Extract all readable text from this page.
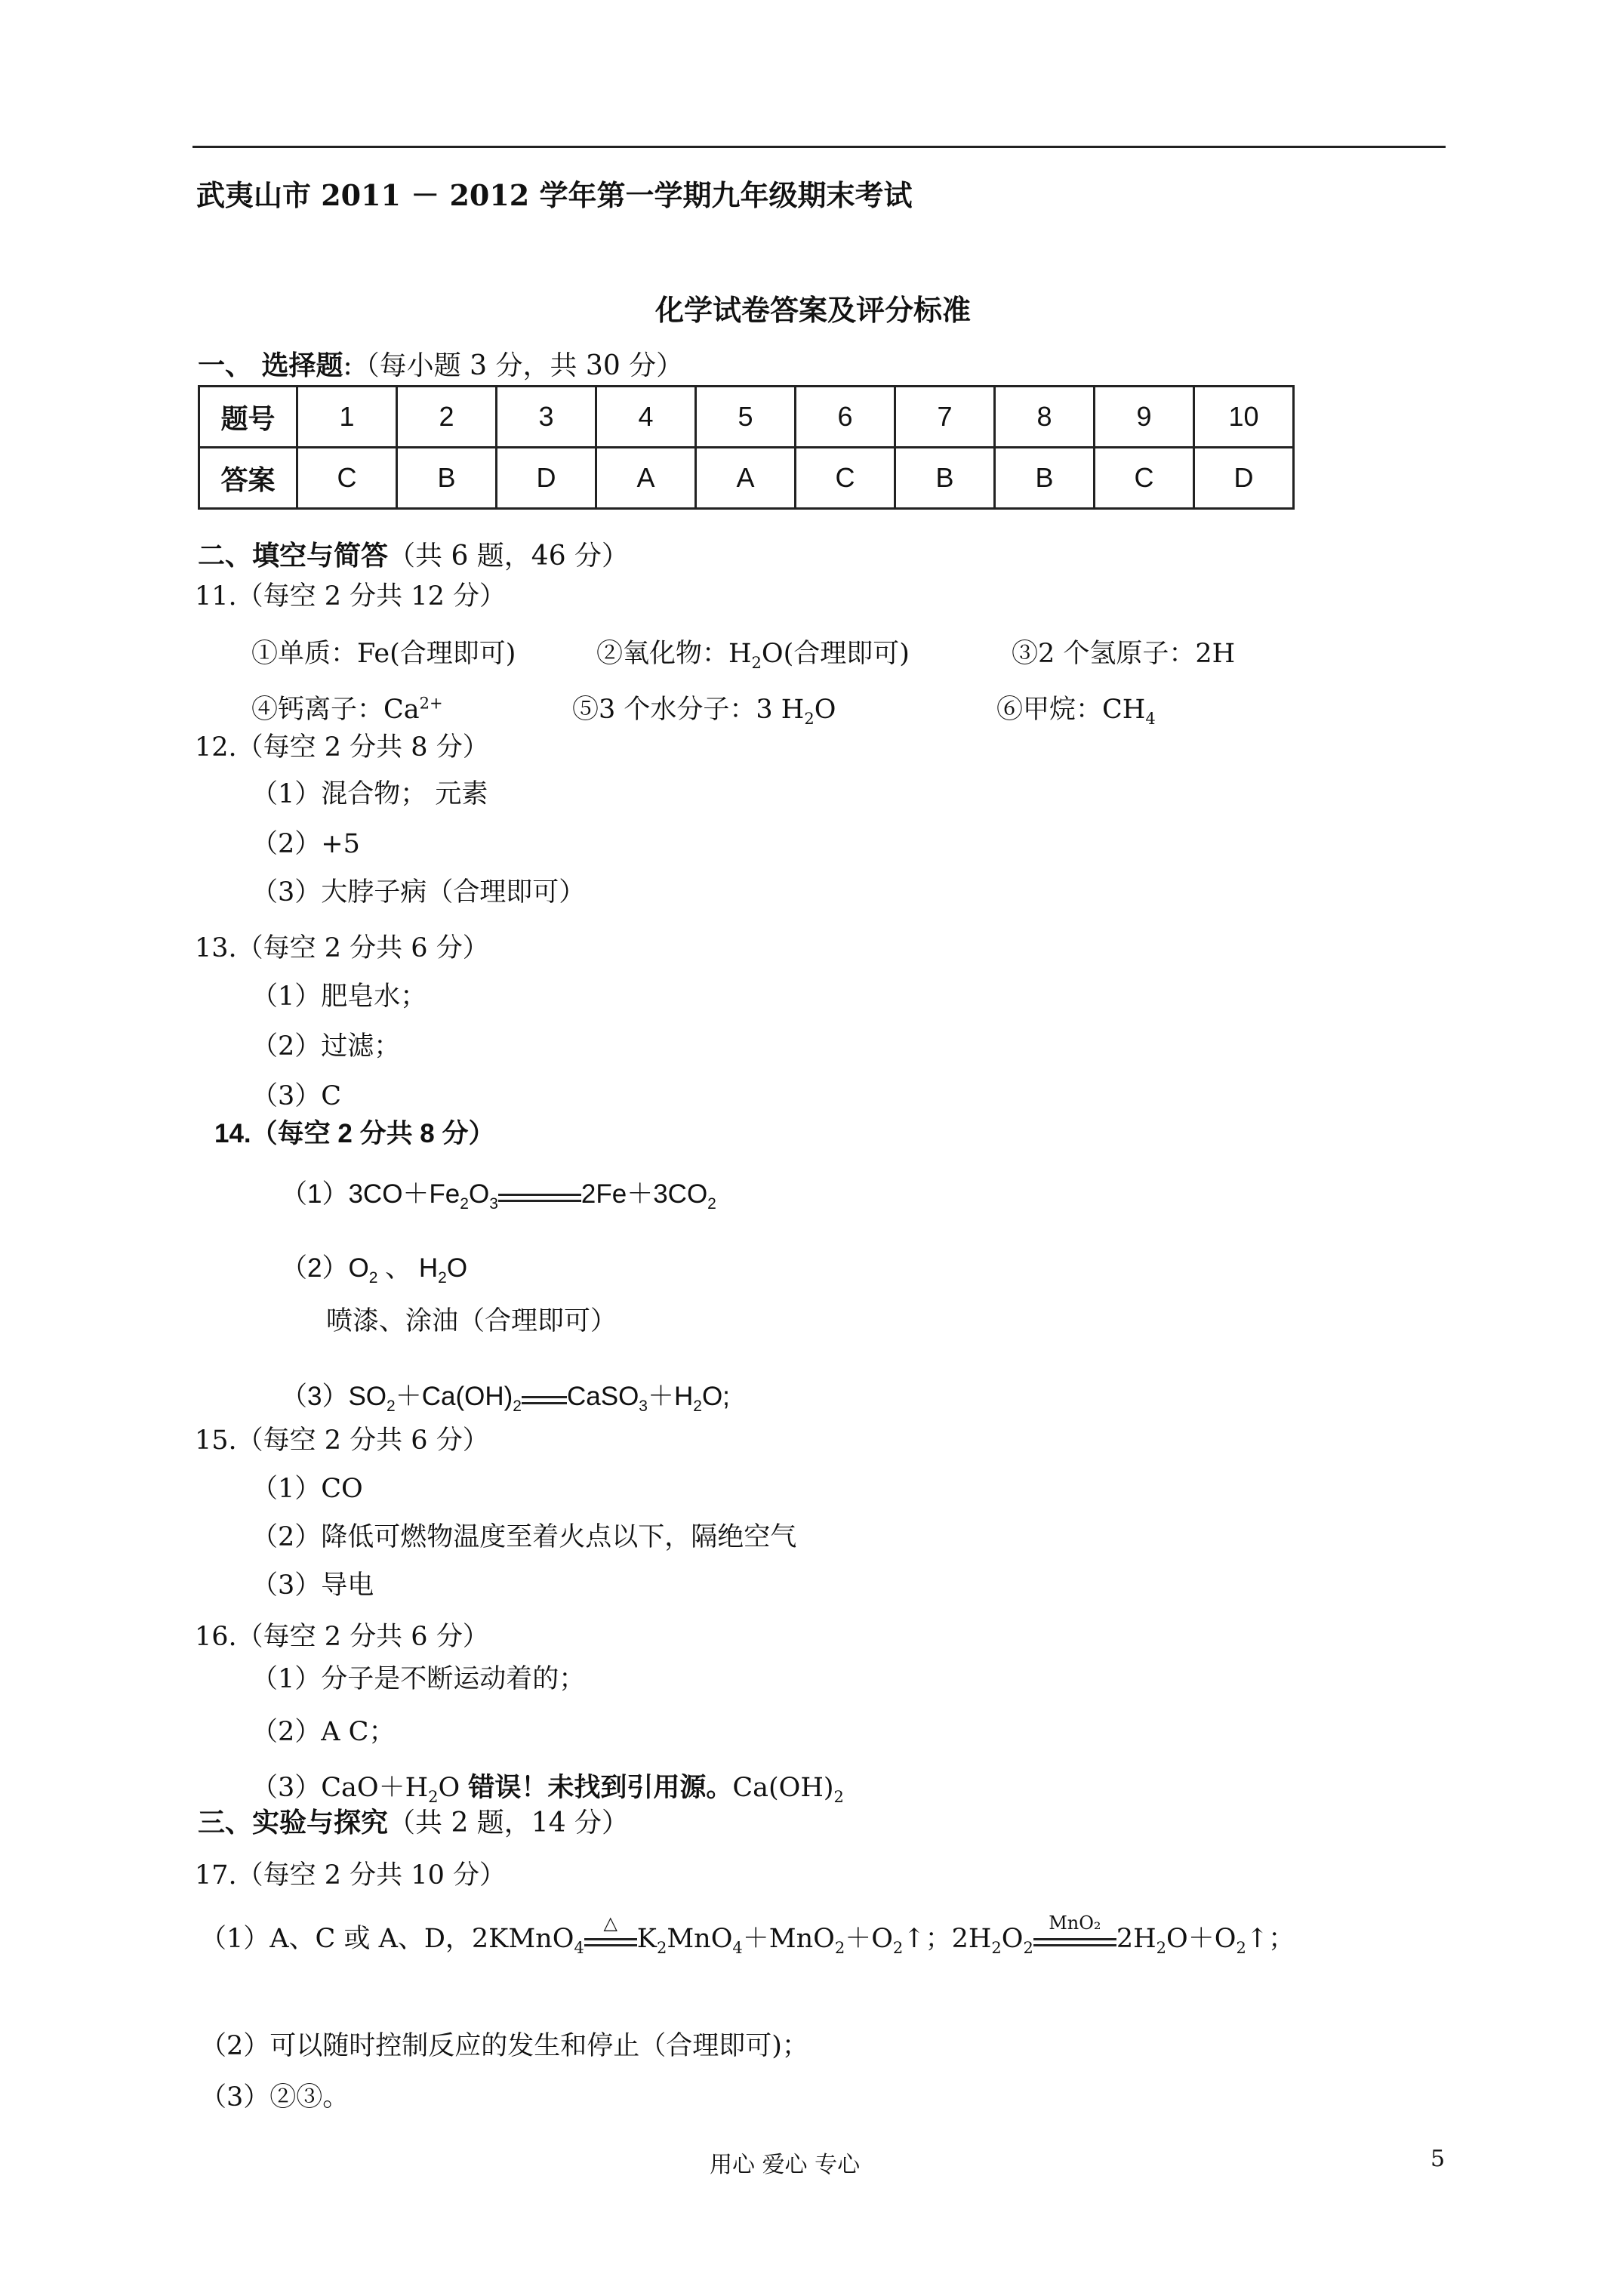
武夷山市 2011 － 2012 学年第一学期九年级期末考试
化学试卷答案及评分标准
一、 选择题:（每小题 3 分，共 30 分）
题号	1	2	3	4	5	6	7	8	9	10
答案	C	B	D	A	A	C	B	B	C	D
二、填空与简答（共 6 题，46 分）
11.（每空 2 分共 12 分）
①单质：Fe(合理即可)	②氧化物：$H_2O$(合理即可)	③2 个氢原子：2H
④钙离子：$Ca^{2+}$	⑤3 个水分子：3 $H_2O$	⑥甲烷：$CH_4$
12.（每空 2 分共 8 分）
（1）混合物； 元素
（2）+5
（3）大脖子病（合理即可）
13.（每空 2 分共 6 分）
（1）肥皂水；
（2）过滤；
（3）C
14.（每空 2 分共 8 分）
$(1)3CO+Fe_2O_3$	$2Fe+3CO_2$
$(2)O_2$ 、 $H_2O$
喷漆、涂油（合理即可）
$(3)SO_2+Ca(OH)_2$ $CaSO_3+H_2O$;
15.（每空 2 分共 6 分）
（1）CO
（2）降低可燃物温度至着火点以下，隔绝空气
（3）导电
16.（每空 2 分共 6 分）
（1）分子是不断运动着的；
（2）A C；
$(3)CaO+H_2O$ 错误！未找到引用源。$Ca(OH)_2$
三、实验与探究（共 2 题，14 分）
17.（每空 2 分共 10 分）
（1）A、C 或 A、D，2KMnO$_4$
△
$K_2MnO_4+MnO_2+O_2↑$；$2H_2O_2$
MnO₂
$2H_2O+O_2↑$；
（2）可以随时控制反应的发生和停止（合理即可)；
（3）②③。
用心 爱心 专心	5
